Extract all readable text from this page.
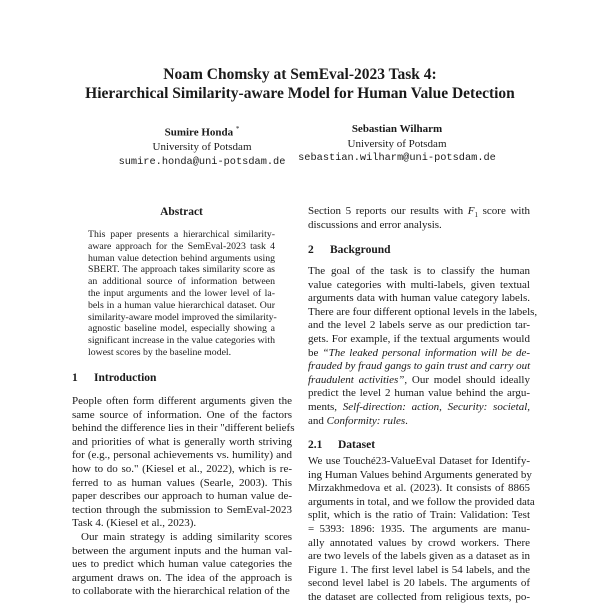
Noam Chomsky at SemEval-2023 Task 4:
Hierarchical Similarity-aware Model for Human Value Detection
Sumire Honda *
University of Potsdam
sumire.honda@uni-potsdam.de
Sebastian Wilharm
University of Potsdam
sebastian.wilharm@uni-potsdam.de
Abstract
This paper presents a hierarchical similarity-
aware approach for the SemEval-2023 task 4
human value detection behind arguments using
SBERT. The approach takes similarity score as
an additional source of information between
the input arguments and the lower level of la-
bels in a human value hierarchical dataset. Our
similarity-aware model improved the similarity-
agnostic baseline model, especially showing a
significant increase in the value categories with
lowest scores by the baseline model.
1 Introduction
People often form different arguments given the
same source of information. One of the factors
behind the difference lies in their "different beliefs
and priorities of what is generally worth striving
for (e.g., personal achievements vs. humility) and
how to do so." (Kiesel et al., 2022), which is re-
ferred to as human values (Searle, 2003). This
paper describes our approach to human value de-
tection through the submission to SemEval-2023
Task 4. (Kiesel et al., 2023).
Our main strategy is adding similarity scores
between the argument inputs and the human val-
ues to predict which human value categories the
argument draws on. The idea of the approach is
to collaborate with the hierarchical relation of the
Section 5 reports our results with $F_1$ score with
discussions and error analysis.
2 Background
The goal of the task is to classify the human
value categories with multi-labels, given textual
arguments data with human value category labels.
There are four different optional levels in the labels,
and the level 2 labels serve as our prediction tar-
gets. For example, if the textual arguments would
be “The leaked personal information will be de-
frauded by fraud gangs to gain trust and carry out
fraudulent activities”, Our model should ideally
predict the level 2 human value behind the argu-
ments, Self-direction: action, Security: societal,
and Conformity: rules.
2.1 Dataset
We use Touché23-ValueEval Dataset for Identify-
ing Human Values behind Arguments generated by
Mirzakhmedova et al. (2023). It consists of 8865
arguments in total, and we follow the provided data
split, which is the ratio of Train: Validation: Test
= 5393: 1896: 1935. The arguments are manu-
ally annotated values by crowd workers. There
are two levels of the labels given as a dataset as in
Figure 1. The first level label is 54 labels, and the
second level label is 20 labels. The arguments of
the dataset are collected from religious texts, po-
